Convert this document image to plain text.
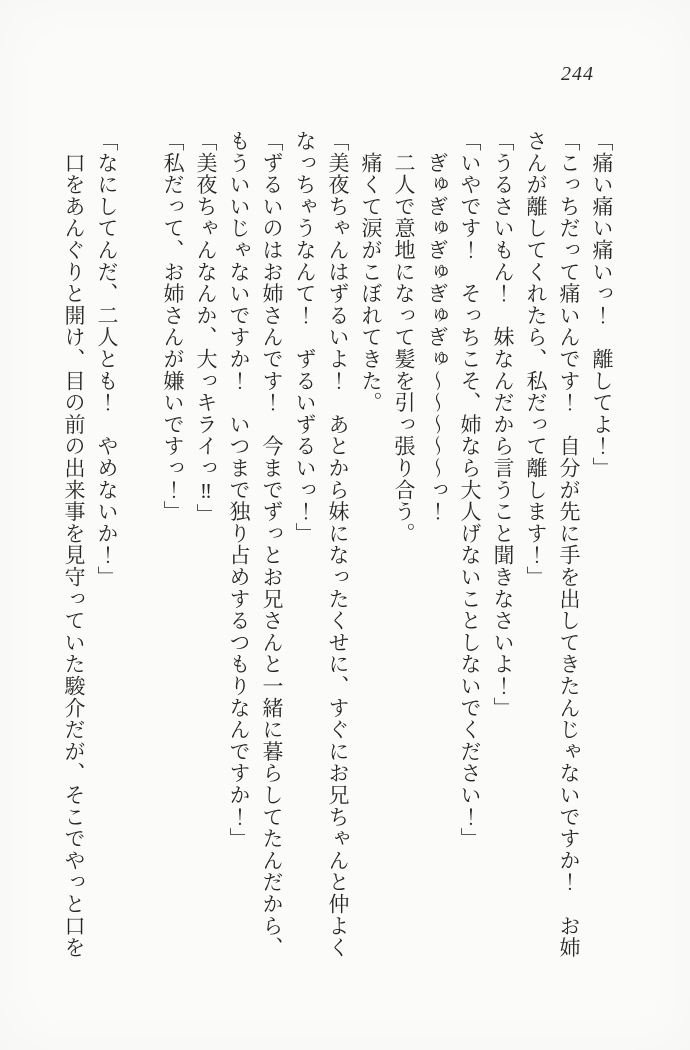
244

「痛い痛い痛いっ！　離してよ！」

「こっちだって痛いんです！　自分が先に手を出してきたんじゃないですか！　お姉さんが離してくれたら、私だって離します！」

「うるさいもん！　妹なんだから言うこと聞きなさいよ！」

「いやです！　そっちこそ、姉なら大人げないことしないでください！」

　ぎゅぎゅぎゅぎゅぎゅ〜〜〜〜〜っ！

　二人で意地になって髪を引っ張り合う。

　痛くて涙がこぼれてきた。

「美夜ちゃんはずるいよ！　あとから妹になったくせに、すぐにお兄ちゃんと仲よくなっちゃうなんて！　ずるいずるいっ！」

「ずるいのはお姉さんです！　今までずっとお兄さんと一緒に暮らしてたんだから、もういいじゃないですか！　いつまで独り占めするつもりなんですか！」

「美夜ちゃんなんか、大っキライっ‼」

「私だって、お姉さんが嫌いですっ！」

「なにしてんだ、二人とも！　やめないか！」

　口をあんぐりと開け、目の前の出来事を見守っていた駿介だが、そこでやっと口を
